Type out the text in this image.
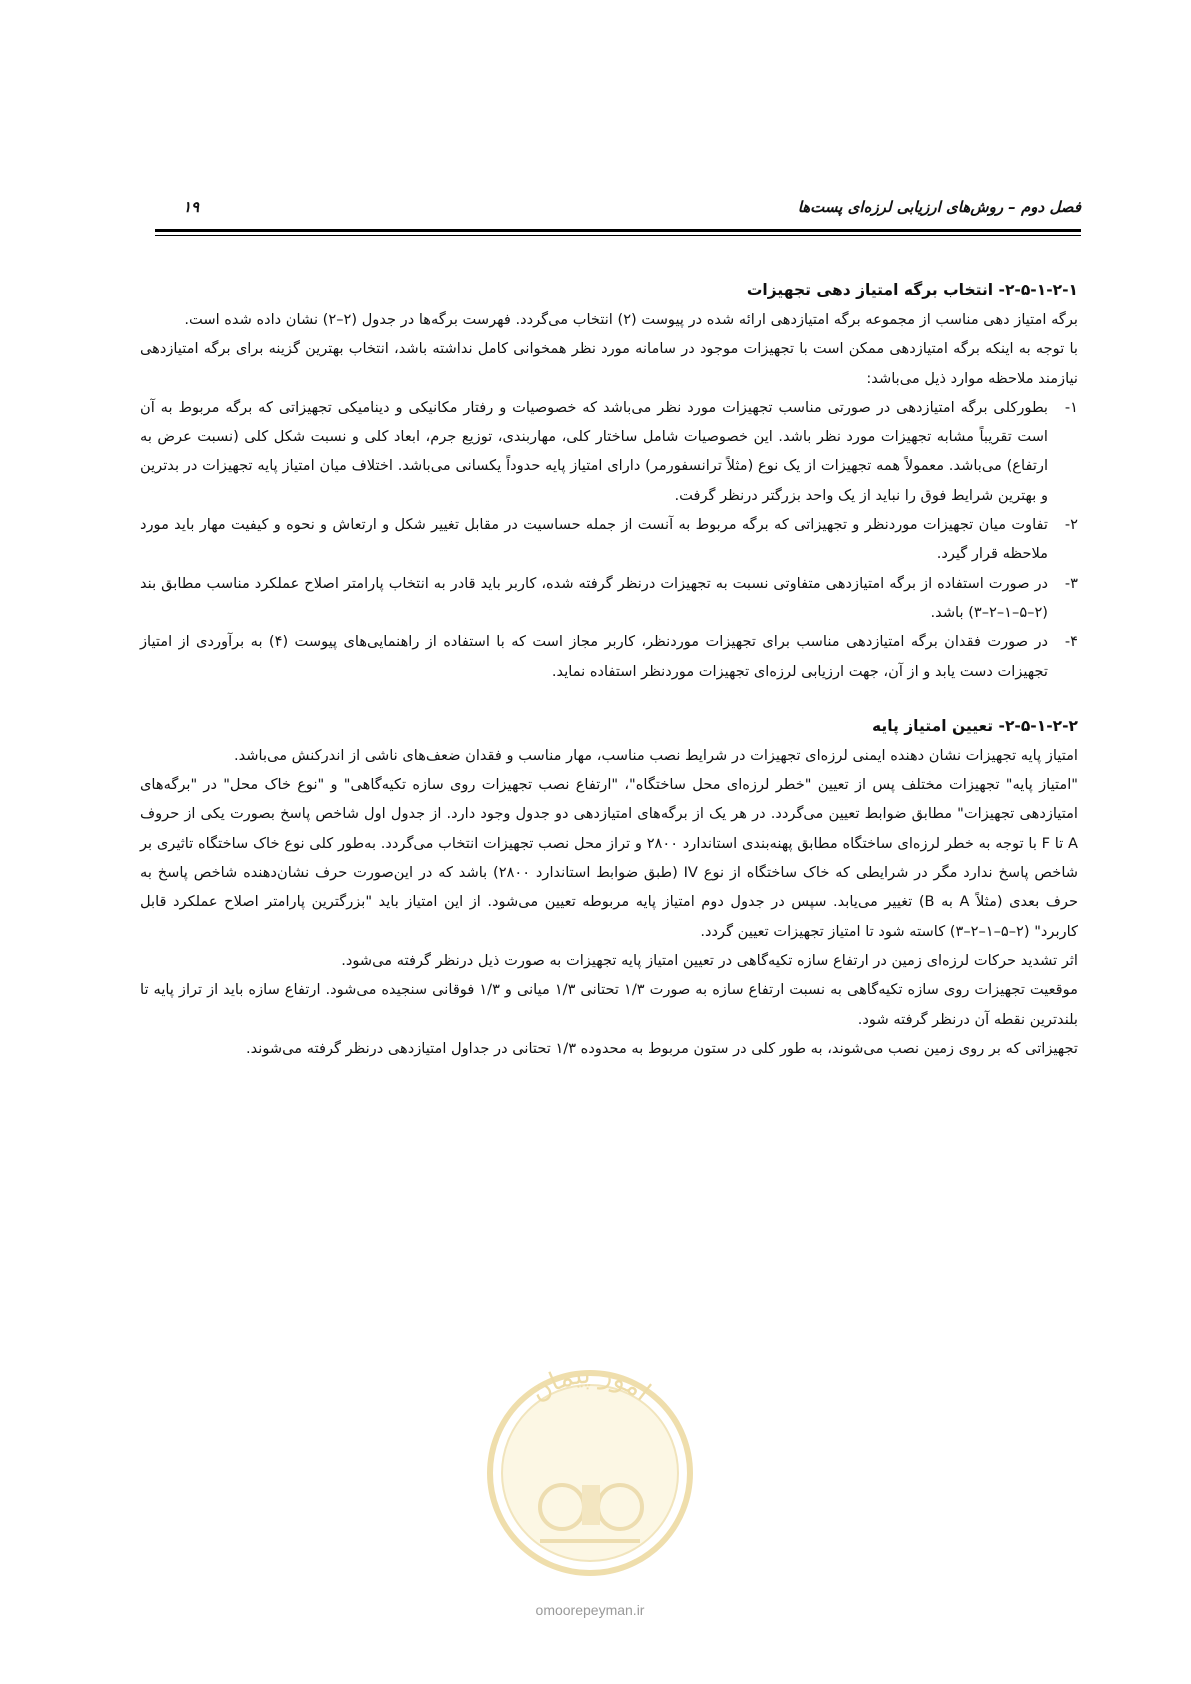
فصل دوم – روش‌های ارزیابی لرزه‌ای پست‌ها
۱۹
۲-۵-۱-۲-۱- انتخاب برگه امتیاز دهی تجهیزات

برگه امتیاز دهی مناسب از مجموعه برگه امتیازدهی ارائه شده در پیوست (۲) انتخاب می‌گردد. فهرست برگه‌ها در جدول (۲–۲) نشان داده شده است.

با توجه به اینکه برگه امتیازدهی ممکن است با تجهیزات موجود در سامانه مورد نظر همخوانی کامل نداشته باشد، انتخاب بهترین گزینه برای برگه امتیازدهی نیازمند ملاحظه موارد ذیل می‌باشد:

۱-
بطورکلی برگه امتیازدهی در صورتی مناسب تجهیزات مورد نظر می‌باشد که خصوصیات و رفتار مکانیکی و دینامیکی تجهیزاتی که برگه مربوط به آن است تقریباً مشابه تجهیزات مورد نظر باشد. این خصوصیات شامل ساختار کلی، مهاربندی، توزیع جرم، ابعاد کلی و نسبت شکل کلی (نسبت عرض به ارتفاع) می‌باشد. معمولاً همه تجهیزات از یک نوع (مثلاً ترانسفورمر) دارای امتیاز پایه حدوداً یکسانی می‌باشد. اختلاف میان امتیاز پایه تجهیزات در بدترین و بهترین شرایط فوق را نباید از یک واحد بزرگتر درنظر گرفت.
۲-
تفاوت میان تجهیزات موردنظر و تجهیزاتی که برگه مربوط به آنست از جمله حساسیت در مقابل تغییر شکل و ارتعاش و نحوه و کیفیت مهار باید مورد ملاحظه قرار گیرد.
۳-
در صورت استفاده از برگه امتیازدهی متفاوتی نسبت به تجهیزات درنظر گرفته شده، کاربر باید قادر به انتخاب پارامتر اصلاح عملکرد مناسب مطابق بند (۲–۵–۱–۲–۳) باشد.
۴-
در صورت فقدان برگه امتیازدهی مناسب برای تجهیزات موردنظر، کاربر مجاز است که با استفاده از راهنمایی‌های پیوست (۴) به برآوردی از امتیاز تجهیزات دست یابد و از آن، جهت ارزیابی لرزه‌ای تجهیزات موردنظر استفاده نماید.
۲-۵-۱-۲-۲- تعیین امتیاز پایه

امتیاز پایه تجهیزات نشان دهنده ایمنی لرزه‌ای تجهیزات در شرایط نصب مناسب، مهار مناسب و فقدان ضعف‌های ناشی از اندرکنش می‌باشد.

"امتیاز پایه" تجهیزات مختلف پس از تعیین "خطر لرزه‌ای محل ساختگاه"، "ارتفاع نصب تجهیزات روی سازه تکیه‌گاهی" و "نوع خاک محل" در "برگه‌های امتیازدهی تجهیزات" مطابق ضوابط تعیین می‌گردد. در هر یک از برگه‌های امتیازدهی دو جدول وجود دارد. از جدول اول شاخص پاسخ بصورت یکی از حروف A تا F با توجه به خطر لرزه‌ای ساختگاه مطابق پهنه‌بندی استاندارد ۲۸۰۰ و تراز محل نصب تجهیزات انتخاب می‌گردد. به‌طور کلی نوع خاک ساختگاه تاثیری بر شاخص پاسخ ندارد مگر در شرایطی که خاک ساختگاه از نوع IV (طبق ضوابط استاندارد ۲۸۰۰) باشد که در این‌صورت حرف نشان‌دهنده شاخص پاسخ به حرف بعدی (مثلاً A به B) تغییر می‌یابد. سپس در جدول دوم امتیاز پایه مربوطه تعیین می‌شود. از این امتیاز باید "بزرگترین پارامتر اصلاح عملکرد قابل کاربرد" (۲–۵–۱–۲–۳) کاسته شود تا امتیاز تجهیزات تعیین گردد.

اثر تشدید حرکات لرزه‌ای زمین در ارتفاع سازه تکیه‌گاهی در تعیین امتیاز پایه تجهیزات به صورت ذیل درنظر گرفته می‌شود.

موقعیت تجهیزات روی سازه تکیه‌گاهی به نسبت ارتفاع سازه به صورت ۱/۳ تحتانی ۱/۳ میانی و ۱/۳ فوقانی سنجیده می‌شود. ارتفاع سازه باید از تراز پایه تا بلندترین نقطه آن درنظر گرفته شود.

تجهیزاتی که بر روی زمین نصب می‌شوند، به طور کلی در ستون مربوط به محدوده ۱/۳ تحتانی در جداول امتیازدهی درنظر گرفته می‌شوند.

امور پیمان
omoorepeyman.ir
